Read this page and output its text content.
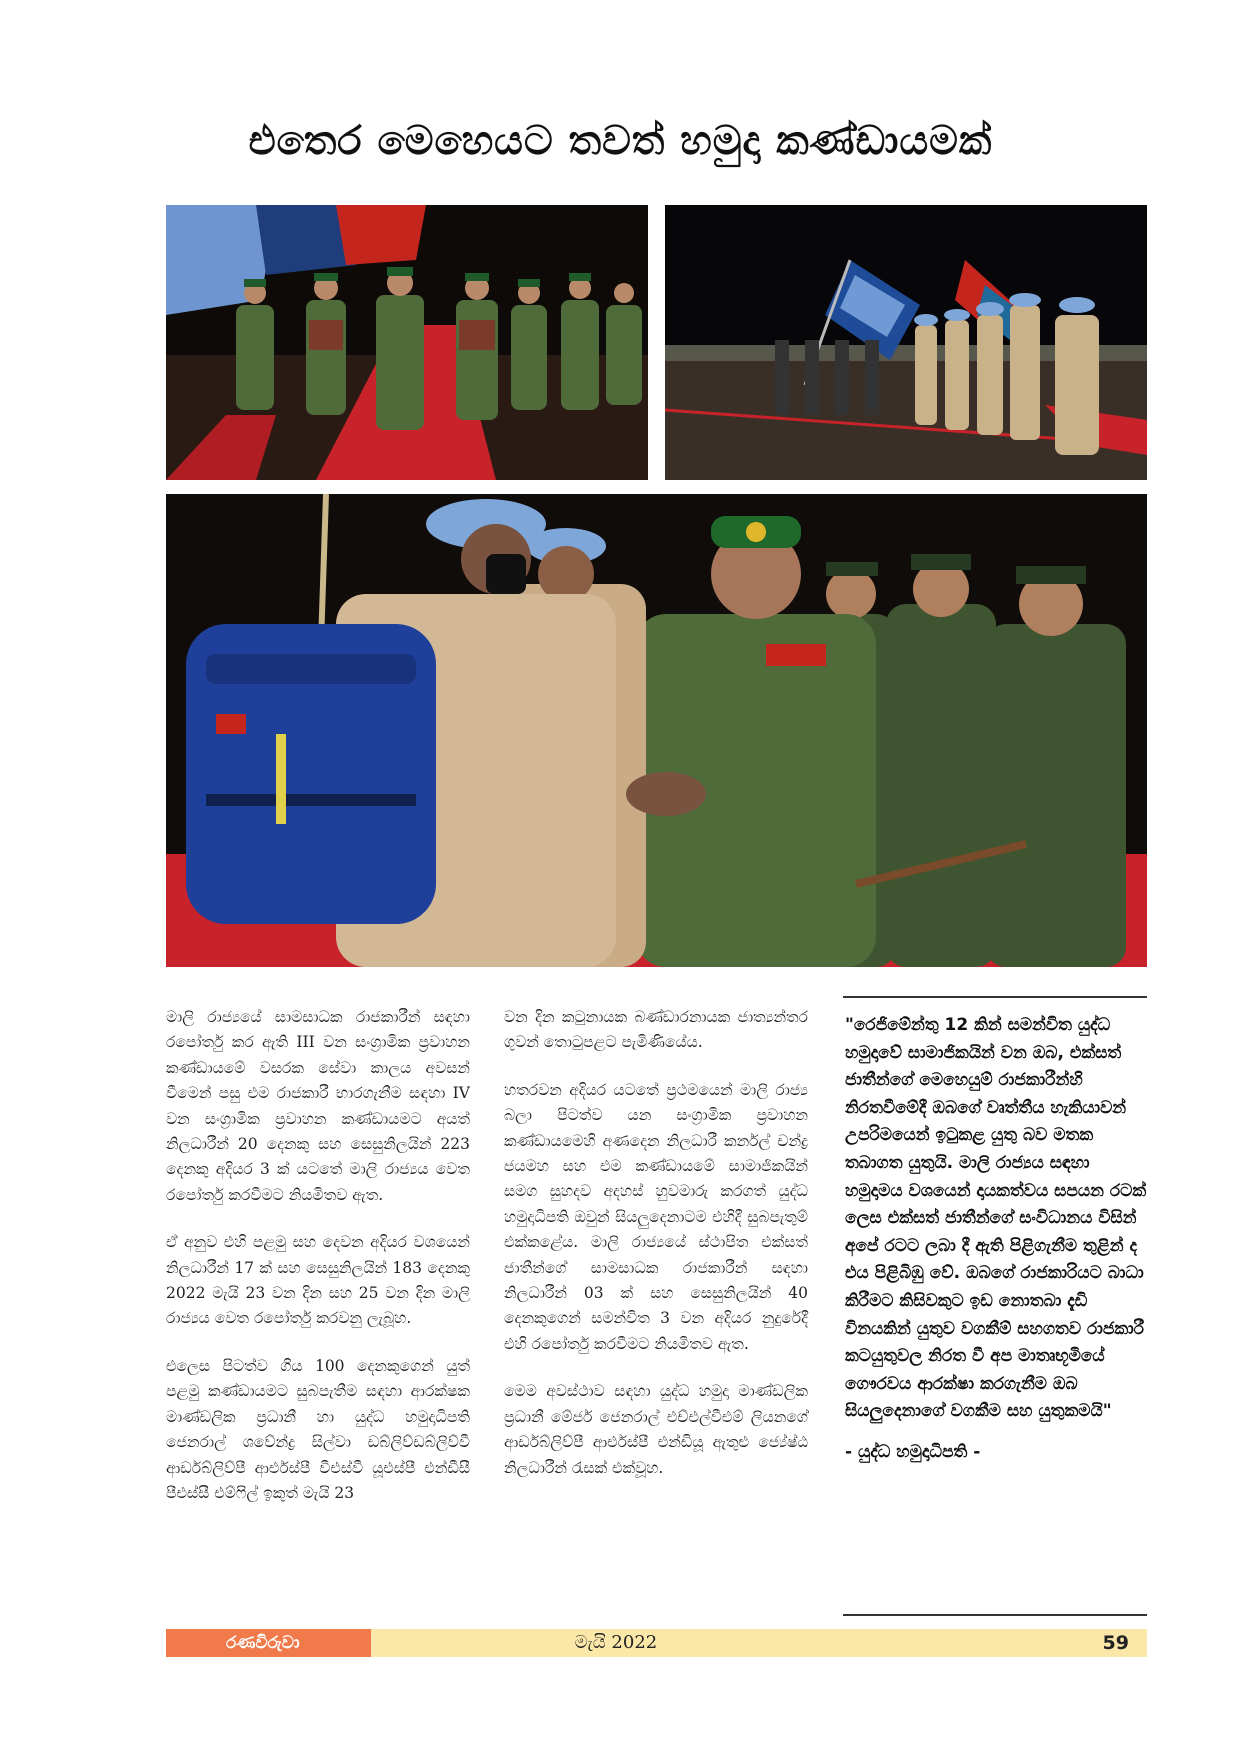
එතෙර මෙහෙයට තවත් හමුදා කණ්ඩායමක්

මාලි රාජ්‍යයේ සාමසාධක රාජකාරීන් සඳහා රපෝර්තු කර ඇති III වන සංග්‍රාමික ප්‍රවාහන කණ්ඩායමේ වසරක සේවා කාලය අවසන් වීමෙන් පසු එම රාජකාරී භාරගැනීම සඳහා IV වන සංග්‍රාමික ප්‍රවාහන කණ්ඩායමට අයත් නිලධාරීන් 20 දෙනකු සහ සෙසුනිලයින් 223 දෙනකු අදියර 3 ක් යටතේ මාලි රාජ්‍යය වෙත රපෝර්තු කරවීමට නියමිතව ඇත.

ඒ අනුව එහි පළමු සහ දෙවන අදියර වශයෙන් නිලධාරීන් 17 ක් සහ සෙසුනිලයින් 183 දෙනකු 2022 මැයි 23 වන දින සහ 25 වන දින මාලි රාජ්‍යය වෙත රපෝර්තු කරවනු ලැබූහ.

එලෙස පිටත්ව ගිය 100 දෙනකුගෙන් යුත් පළමු කණ්ඩායමට සුබපැතීම සඳහා ආරක්ෂක මාණ්ඩලික ප්‍රධානී හා යුද්ධ හමුදාධිපති ජෙනරාල් ශවේන්ද්‍ර සිල්වා ඩබ්ලිව්ඩබ්ලිව්වී ආර්ඩබ්ලිව්පී ආර්එස්පී වීඑස්වී යූඑස්පී එන්ඩීසී පීඑස්සී එම්ෆිල් ඉකුත් මැයි 23

වන දින කටුනායක බණ්ඩාරනායක ජාත්‍යන්තර ගුවන් තොටුපළට පැමිණියේය.

හතරවන අදියර යටතේ ප්‍රථමයෙන් මාලි රාජ්‍ය බලා පිටත්ව යන සංග්‍රාමික ප්‍රවාහන කණ්ඩායමෙහි අණදෙන නිලධාරී කර්නල් චන්ද්‍ර ජයමහ සහ එම කණ්ඩායමේ සාමාජිකයින් සමග සුහදව අදහස් හුවමාරු කරගත් යුද්ධ හමුදාධිපති ඔවුන් සියලුදෙනාටම එහිදී සුබපැතුම් එක්කළේය. මාලි රාජ්‍යයේ ස්ථාපිත එක්සත් ජාතීන්ගේ සාමසාධක රාජකාරීන් සඳහා නිලධාරීන් 03 ක් සහ සෙසුනිලයින් 40 දෙනකුගෙන් සමන්විත 3 වන අදියර නුදුරේදී එහි රපෝර්තු කරවීමට නියමිතව ඇත.

මෙම අවස්ථාව සඳහා යුද්ධ හමුදා මාණ්ඩලික ප්‍රධානී මේජර් ජෙනරාල් එච්එල්වීඑම් ලියනගේ ආර්ඩබ්ලිව්පී ආර්එස්පී එන්ඩියූ ඇතුළු ජ්‍යේෂ්ඨ නිලධාරීන් රැසක් එක්වූහ.

"රෙජිමේන්තු 12 කින් සමන්විත යුද්ධ හමුදාවේ සාමාජිකයින් වන ඔබ, එක්සත් ජාතීන්ගේ මෙහෙයුම් රාජකාරීන්හි නිරතවීමේදී ඔබගේ වෘත්තීය හැකියාවන් උපරිමයෙන් ඉටුකළ යුතු බව මතක තබාගත යුතුයි. මාලි රාජ්‍යය සඳහා හමුදාමය වශයෙන් දායකත්වය සපයන රටක් ලෙස එක්සත් ජාතීන්ගේ සංවිධානය විසින් අපේ රටට ලබා දී ඇති පිළිගැනීම තුළින් ද එය පිළිබිඹු වේ. ඔබගේ රාජකාරියට බාධා කිරීමට කිසිවකුට ඉඩ නොතබා දැඩි විනයකින් යුතුව වගකීම් සහගතව රාජකාරී කටයුතුවල නිරත වී අප මාතෘභූමියේ ගෞරවය ආරක්ෂා කරගැනීම ඔබ සියලුදෙනාගේ වගකීම සහ යුතුකමයි"
- යුද්ධ හමුදාධිපති -
රණවිරුවා	මැයි 2022	59
